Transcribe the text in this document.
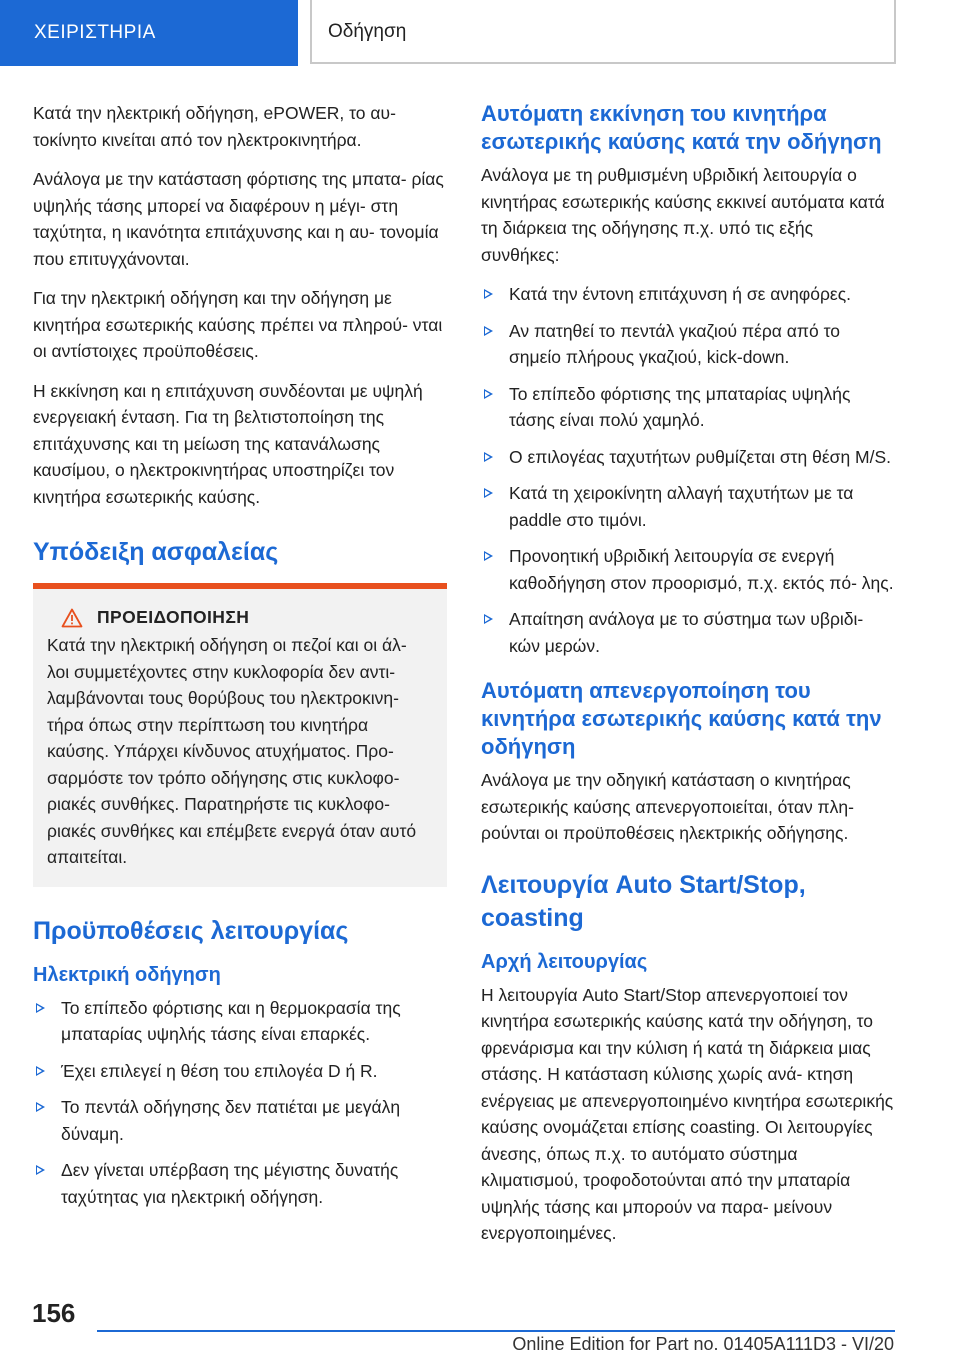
ΧΕΙΡΙΣΤΗΡΙΑ	Οδήγηση

Κατά την ηλεκτρική οδήγηση, ePOWER, το αυ- τοκίνητο κινείται από τον ηλεκτροκινητήρα.

Ανάλογα με την κατάσταση φόρτισης της μπατα- ρίας υψηλής τάσης μπορεί να διαφέρουν η μέγι- στη ταχύτητα, η ικανότητα επιτάχυνσης και η αυ- τονομία που επιτυγχάνονται.

Για την ηλεκτρική οδήγηση και την οδήγηση με κινητήρα εσωτερικής καύσης πρέπει να πληρού- νται οι αντίστοιχες προϋποθέσεις.

Η εκκίνηση και η επιτάχυνση συνδέονται με υψηλή ενεργειακή ένταση. Για τη βελτιστοποίηση της επιτάχυνσης και τη μείωση της κατανάλωσης καυσίμου, ο ηλεκτροκινητήρας υποστηρίζει τον κινητήρα εσωτερικής καύσης.

Υπόδειξη ασφαλείας
ΠΡΟΕΙΔΟΠΟΙΗΣΗ

Κατά την ηλεκτρική οδήγηση οι πεζοί και οι άλ- λοι συμμετέχοντες στην κυκλοφορία δεν αντι- λαμβάνονται τους θορύβους του ηλεκτροκινη- τήρα όπως στην περίπτωση του κινητήρα καύσης. Υπάρχει κίνδυνος ατυχήματος. Προ- σαρμόστε τον τρόπο οδήγησης στις κυκλοφο- ριακές συνθήκες. Παρατηρήστε τις κυκλοφο- ριακές συνθήκες και επέμβετε ενεργά όταν αυτό απαιτείται.

Προϋποθέσεις λειτουργίας
Ηλεκτρική οδήγηση
Το επίπεδο φόρτισης και η θερμοκρασία της μπαταρίας υψηλής τάσης είναι επαρκές.
Έχει επιλεγεί η θέση του επιλογέα D ή R.
Το πεντάλ οδήγησης δεν πατιέται με μεγάλη δύναμη.
Δεν γίνεται υπέρβαση της μέγιστης δυνατής ταχύτητας για ηλεκτρική οδήγηση.
Αυτόματη εκκίνηση του κινητήρα εσωτερικής καύσης κατά την οδήγηση

Ανάλογα με τη ρυθμισμένη υβριδική λειτουργία ο κινητήρας εσωτερικής καύσης εκκινεί αυτόματα κατά τη διάρκεια της οδήγησης π.χ. υπό τις εξής συνθήκες:

Κατά την έντονη επιτάχυνση ή σε ανηφόρες.
Αν πατηθεί το πεντάλ γκαζιού πέρα από το σημείο πλήρους γκαζιού, kick-down.
Το επίπεδο φόρτισης της μπαταρίας υψηλής τάσης είναι πολύ χαμηλό.
Ο επιλογέας ταχυτήτων ρυθμίζεται στη θέση M/S.
Κατά τη χειροκίνητη αλλαγή ταχυτήτων με τα paddle στο τιμόνι.
Προνοητική υβριδική λειτουργία σε ενεργή καθοδήγηση στον προορισμό, π.χ. εκτός πό- λης.
Απαίτηση ανάλογα με το σύστημα των υβριδι- κών μερών.
Αυτόματη απενεργοποίηση του κινητήρα εσωτερικής καύσης κατά την οδήγηση

Ανάλογα με την οδηγική κατάσταση ο κινητήρας εσωτερικής καύσης απενεργοποιείται, όταν πλη- ρούνται οι προϋποθέσεις ηλεκτρικής οδήγησης.

Λειτουργία Auto Start/Stop, coasting
Αρχή λειτουργίας

Η λειτουργία Auto Start/Stop απενεργοποιεί τον κινητήρα εσωτερικής καύσης κατά την οδήγηση, το φρενάρισμα και την κύλιση ή κατά τη διάρκεια μιας στάσης. Η κατάσταση κύλισης χωρίς ανά- κτηση ενέργειας με απενεργοποιημένο κινητήρα εσωτερικής καύσης ονομάζεται επίσης coasting. Οι λειτουργίες άνεσης, όπως π.χ. το αυτόματο σύστημα κλιματισμού, τροφοδοτούνται από την μπαταρία υψηλής τάσης και μπορούν να παρα- μείνουν ενεργοποιημένες.

156
Online Edition for Part no. 01405A111D3 - VI/20
